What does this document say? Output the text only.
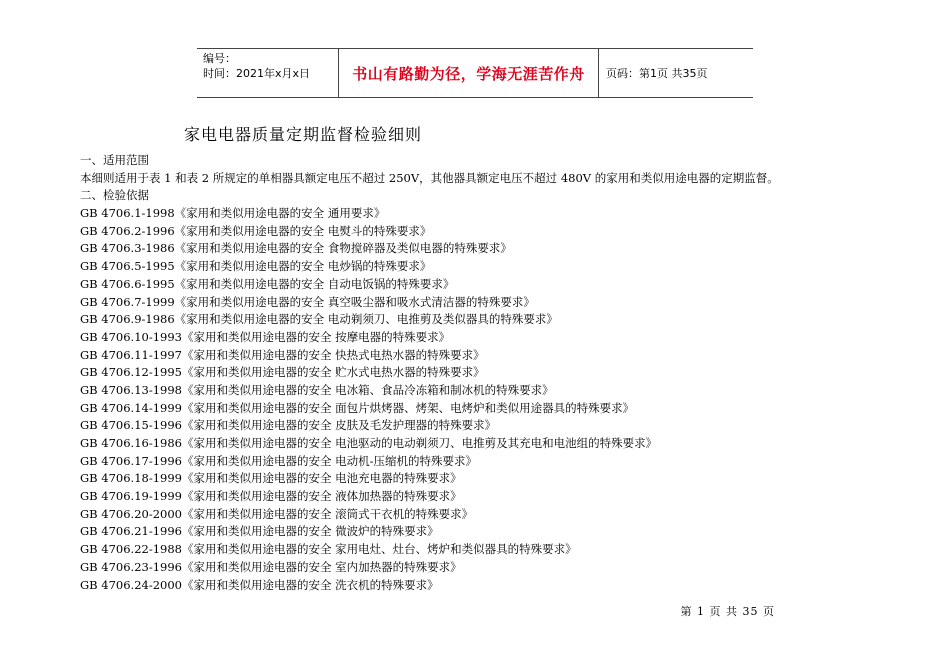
编号：
时间：2021年x月x日	书山有路勤为径，学海无涯苦作舟 页码：第1页 共35页
家电电器质量定期监督检验细则
一、适用范围
本细则适用于表 1 和表 2 所规定的单相器具额定电压不超过 250V，其他器具额定电压不超过 480V 的家用和类似用途电器的定期监督。
二、检验依据
GB 4706.1-1998《家用和类似用途电器的安全 通用要求》
GB 4706.2-1996《家用和类似用途电器的安全 电熨斗的特殊要求》
GB 4706.3-1986《家用和类似用途电器的安全 食物搅碎器及类似电器的特殊要求》
GB 4706.5-1995《家用和类似用途电器的安全 电炒锅的特殊要求》
GB 4706.6-1995《家用和类似用途电器的安全 自动电饭锅的特殊要求》
GB 4706.7-1999《家用和类似用途电器的安全 真空吸尘器和吸水式清洁器的特殊要求》
GB 4706.9-1986《家用和类似用途电器的安全 电动剃须刀、电推剪及类似器具的特殊要求》
GB 4706.10-1993《家用和类似用途电器的安全 按摩电器的特殊要求》
GB 4706.11-1997《家用和类似用途电器的安全 快热式电热水器的特殊要求》
GB 4706.12-1995《家用和类似用途电器的安全 贮水式电热水器的特殊要求》
GB 4706.13-1998《家用和类似用途电器的安全 电冰箱、食品冷冻箱和制冰机的特殊要求》
GB 4706.14-1999《家用和类似用途电器的安全 面包片烘烤器、烤架、电烤炉和类似用途器具的特殊要求》
GB 4706.15-1996《家用和类似用途电器的安全 皮肤及毛发护理器的特殊要求》
GB 4706.16-1986《家用和类似用途电器的安全 电池驱动的电动剃须刀、电推剪及其充电和电池组的特殊要求》
GB 4706.17-1996《家用和类似用途电器的安全 电动机-压缩机的特殊要求》
GB 4706.18-1999《家用和类似用途电器的安全 电池充电器的特殊要求》
GB 4706.19-1999《家用和类似用途电器的安全 液体加热器的特殊要求》
GB 4706.20-2000《家用和类似用途电器的安全 滚筒式干衣机的特殊要求》
GB 4706.21-1996《家用和类似用途电器的安全 微波炉的特殊要求》
GB 4706.22-1988《家用和类似用途电器的安全 家用电灶、灶台、烤炉和类似器具的特殊要求》
GB 4706.23-1996《家用和类似用途电器的安全 室内加热器的特殊要求》
GB 4706.24-2000《家用和类似用途电器的安全 洗衣机的特殊要求》
第 1 页 共 35 页
